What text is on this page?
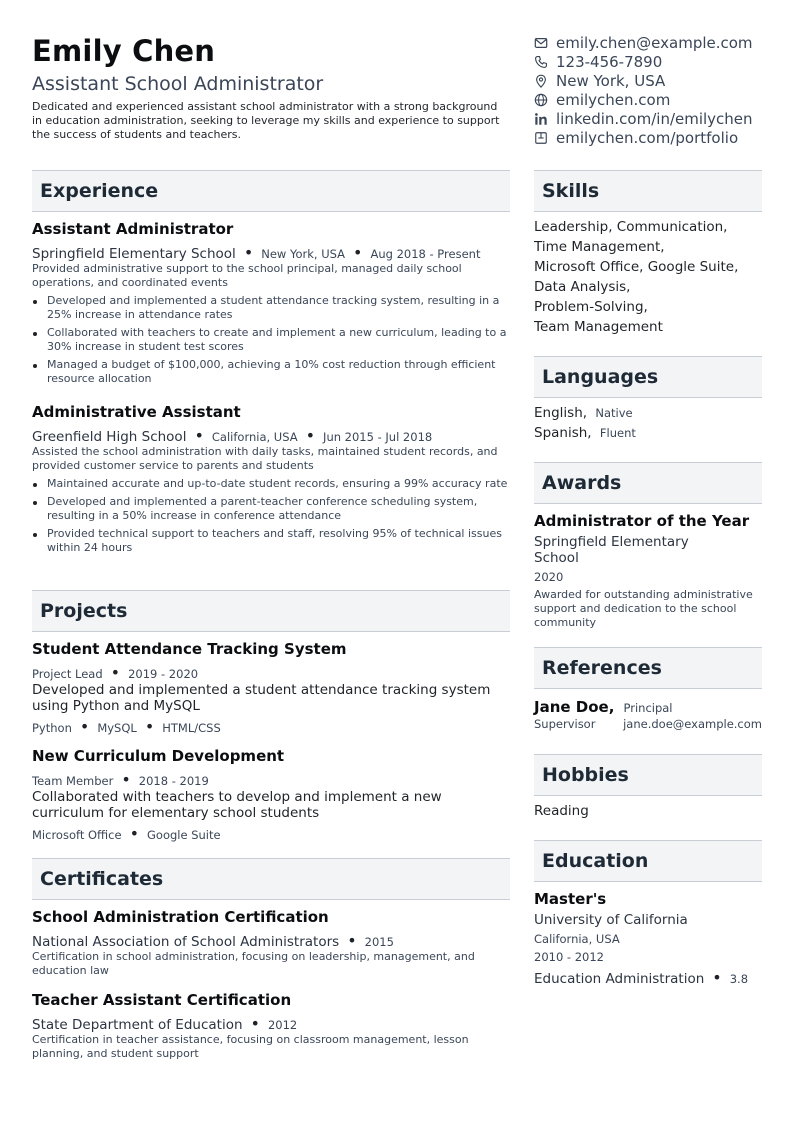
Emily Chen
Assistant School Administrator
Dedicated and experienced assistant school administrator with a strong background in education administration, seeking to leverage my skills and experience to support the success of students and teachers.
emily.chen@example.com
123-456-7890
New York, USA
emilychen.com
linkedin.com/in/emilychen
emilychen.com/portfolio
Experience
Assistant Administrator
Springfield Elementary School • New York, USA • Aug 2018 - Present
Provided administrative support to the school principal, managed daily school operations, and coordinated events
Developed and implemented a student attendance tracking system, resulting in a 25% increase in attendance rates
Collaborated with teachers to create and implement a new curriculum, leading to a 30% increase in student test scores
Managed a budget of $100,000, achieving a 10% cost reduction through efficient resource allocation
Administrative Assistant
Greenfield High School • California, USA • Jun 2015 - Jul 2018
Assisted the school administration with daily tasks, maintained student records, and provided customer service to parents and students
Maintained accurate and up-to-date student records, ensuring a 99% accuracy rate
Developed and implemented a parent-teacher conference scheduling system, resulting in a 50% increase in conference attendance
Provided technical support to teachers and staff, resolving 95% of technical issues within 24 hours
Projects
Student Attendance Tracking System
Project Lead • 2019 - 2020
Developed and implemented a student attendance tracking system using Python and MySQL
Python • MySQL • HTML/CSS
New Curriculum Development
Team Member • 2018 - 2019
Collaborated with teachers to develop and implement a new curriculum for elementary school students
Microsoft Office • Google Suite
Certificates
School Administration Certification
National Association of School Administrators • 2015
Certification in school administration, focusing on leadership, management, and education law
Teacher Assistant Certification
State Department of Education • 2012
Certification in teacher assistance, focusing on classroom management, lesson planning, and student support
Skills
Leadership, Communication,
Time Management,
Microsoft Office, Google Suite,
Data Analysis,
Problem-Solving,
Team Management
Languages
English, Native
Spanish, Fluent
Awards
Administrator of the Year
Springfield Elementary
School
2020
Awarded for outstanding administrative support and dedication to the school community
References
Jane Doe, Principal
Supervisor jane.doe@example.com
Hobbies
Reading
Education
Master's
University of California
California, USA
2010 - 2012
Education Administration • 3.8
